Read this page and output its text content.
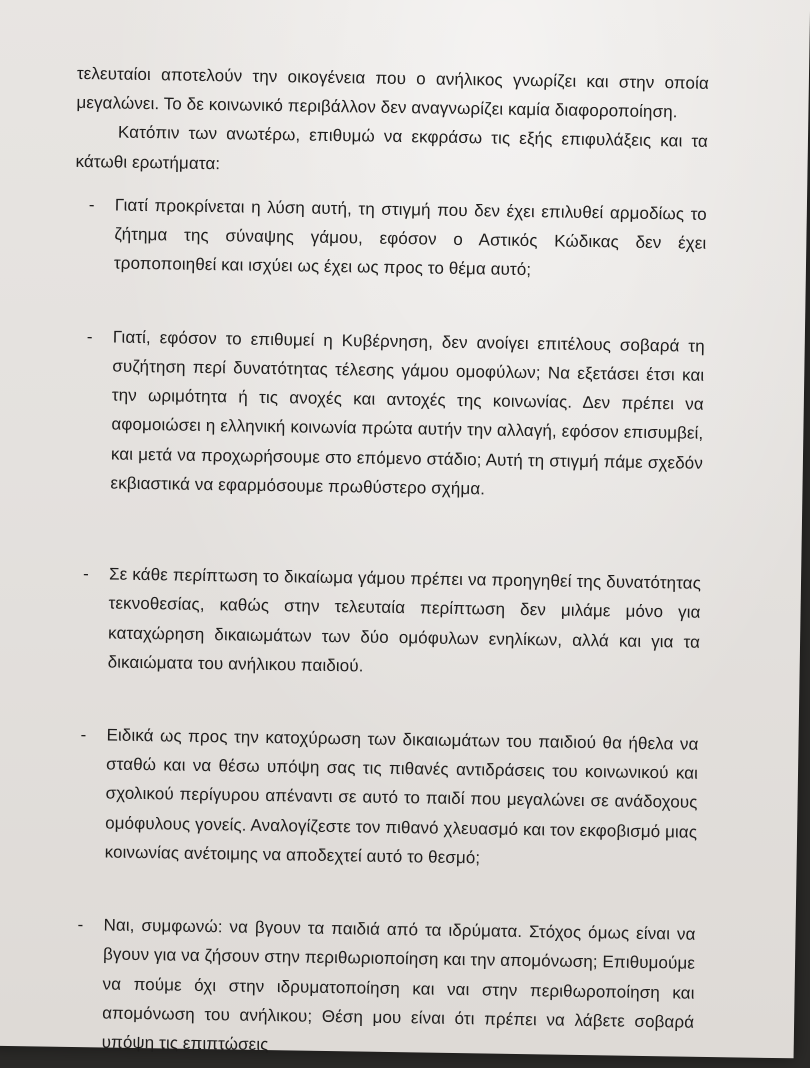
τελευταίοι αποτελούν την οικογένεια που ο ανήλικος γνωρίζει και στην οποία μεγαλώνει. Το δε κοινωνικό περιβάλλον δεν αναγνωρίζει καμία διαφοροποίηση.

Κατόπιν των ανωτέρω, επιθυμώ να εκφράσω τις εξής επιφυλάξεις και τα κάτωθι ερωτήματα:

- Γιατί προκρίνεται η λύση αυτή, τη στιγμή που δεν έχει επιλυθεί αρμοδίως το ζήτημα της σύναψης γάμου, εφόσον ο Αστικός Κώδικας δεν έχει τροποποιηθεί και ισχύει ως έχει ως προς το θέμα αυτό;
- Γιατί, εφόσον το επιθυμεί η Κυβέρνηση, δεν ανοίγει επιτέλους σοβαρά τη συζήτηση περί δυνατότητας τέλεσης γάμου ομοφύλων; Να εξετάσει έτσι και την ωριμότητα ή τις ανοχές και αντοχές της κοινωνίας. Δεν πρέπει να αφομοιώσει η ελληνική κοινωνία πρώτα αυτήν την αλλαγή, εφόσον επισυμβεί, και μετά να προχωρήσουμε στο επόμενο στάδιο; Αυτή τη στιγμή πάμε σχεδόν εκβιαστικά να εφαρμόσουμε πρωθύστερο σχήμα.
- Σε κάθε περίπτωση το δικαίωμα γάμου πρέπει να προηγηθεί της δυνατότητας τεκνοθεσίας, καθώς στην τελευταία περίπτωση δεν μιλάμε μόνο για καταχώρηση δικαιωμάτων των δύο ομόφυλων ενηλίκων, αλλά και για τα δικαιώματα του ανήλικου παιδιού.
- Ειδικά ως προς την κατοχύρωση των δικαιωμάτων του παιδιού θα ήθελα να σταθώ και να θέσω υπόψη σας τις πιθανές αντιδράσεις του κοινωνικού και σχολικού περίγυρου απέναντι σε αυτό το παιδί που μεγαλώνει σε ανάδοχους ομόφυλους γονείς. Αναλογίζεστε τον πιθανό χλευασμό και τον εκφοβισμό μιας κοινωνίας ανέτοιμης να αποδεχτεί αυτό το θεσμό;
- Ναι, συμφωνώ: να βγουν τα παιδιά από τα ιδρύματα. Στόχος όμως είναι να βγουν για να ζήσουν στην περιθωριοποίηση και την απομόνωση; Επιθυμούμε να πούμε όχι στην ιδρυματοποίηση και ναι στην περιθωροποίηση και απομόνωση του ανήλικου; Θέση μου είναι ότι πρέπει να λάβετε σοβαρά υπόψη τις επιπτώσεις
